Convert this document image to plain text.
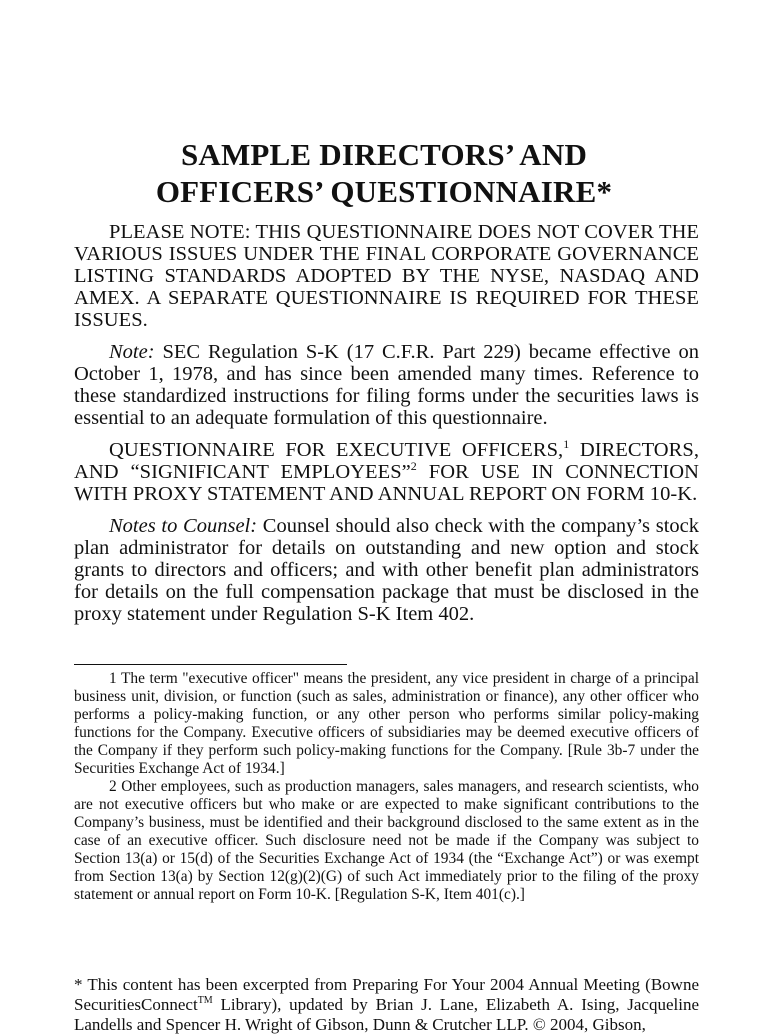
SAMPLE DIRECTORS’ AND
OFFICERS’ QUESTIONNAIRE*

PLEASE NOTE: THIS QUESTIONNAIRE DOES NOT COVER THE VARIOUS ISSUES UNDER THE FINAL CORPORATE GOVERNANCE LISTING STANDARDS ADOPTED BY THE NYSE, NASDAQ AND AMEX. A SEPARATE QUESTIONNAIRE IS REQUIRED FOR THESE ISSUES.

Note: SEC Regulation S-K (17 C.F.R. Part 229) became effective on October 1, 1978, and has since been amended many times. Reference to these standardized instructions for filing forms under the securities laws is essential to an adequate formulation of this questionnaire.

QUESTIONNAIRE FOR EXECUTIVE OFFICERS,$^1$ DIRECTORS, AND “SIGNIFICANT EMPLOYEES”$^2$ FOR USE IN CONNECTION WITH PROXY STATEMENT AND ANNUAL REPORT ON FORM 10-K.

Notes to Counsel: Counsel should also check with the company’s stock plan administrator for details on outstanding and new option and stock grants to directors and officers; and with other benefit plan administrators for details on the full compensation package that must be disclosed in the proxy statement under Regulation S-K Item 402.

1 The term "executive officer" means the president, any vice president in charge of a principal business unit, division, or function (such as sales, administration or finance), any other officer who performs a policy-making function, or any other person who performs similar policy-making functions for the Company. Executive officers of subsidiaries may be deemed executive officers of the Company if they perform such policy-making functions for the Company. [Rule 3b-7 under the Securities Exchange Act of 1934.]

2 Other employees, such as production managers, sales managers, and research scientists, who are not executive officers but who make or are expected to make significant contributions to the Company’s business, must be identified and their background disclosed to the same extent as in the case of an executive officer. Such disclosure need not be made if the Company was subject to Section 13(a) or 15(d) of the Securities Exchange Act of 1934 (the “Exchange Act”) or was exempt from Section 13(a) by Section 12(g)(2)(G) of such Act immediately prior to the filing of the proxy statement or annual report on Form 10-K. [Regulation S-K, Item 401(c).]

* This content has been excerpted from Preparing For Your 2004 Annual Meeting (Bowne SecuritiesConnect™ Library), updated by Brian J. Lane, Elizabeth A. Ising, Jacqueline Landells and Spencer H. Wright of Gibson, Dunn & Crutcher LLP. © 2004, Gibson,
